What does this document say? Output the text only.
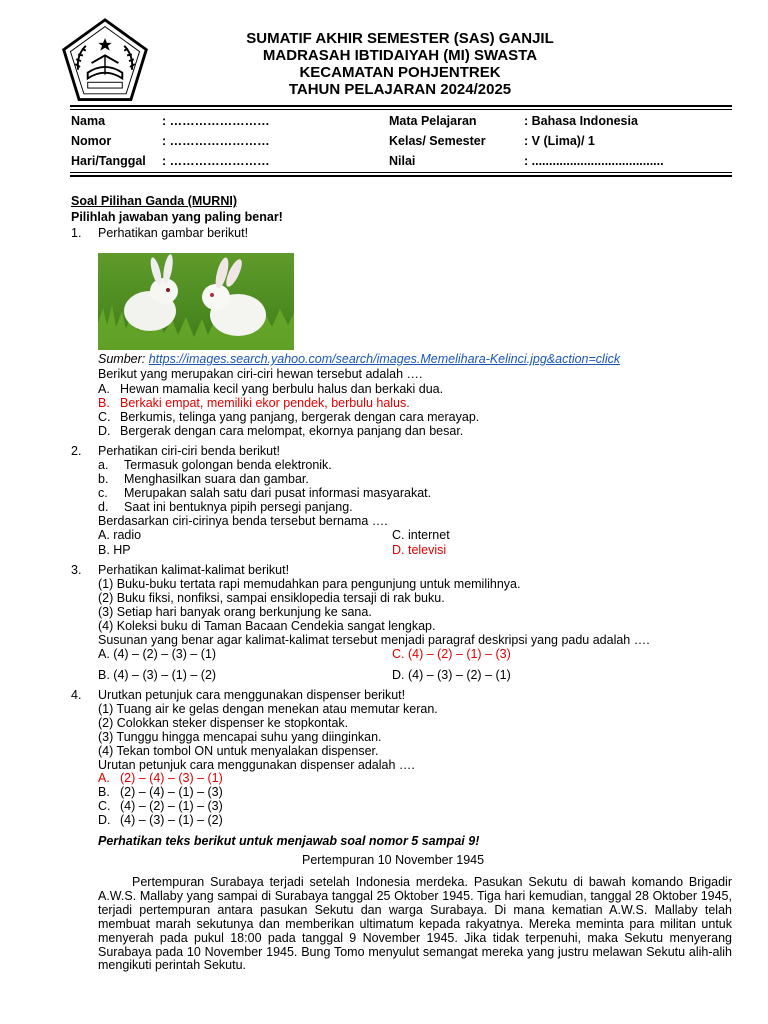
SUMATIF AKHIR SEMESTER (SAS) GANJIL
MADRASAH IBTIDAIYAH (MI) SWASTA
KECAMATAN POHJENTREK
TAHUN PELAJARAN 2024/2025
Nama	: ……………………
Nomor	: ……………………
Hari/Tanggal : ……………………
Mata Pelajaran	: Bahasa Indonesia
Kelas/ Semester	: V (Lima)/ 1
Nilai	: ......................................
Soal Pilihan Ganda (MURNI)
Pilihlah jawaban yang paling benar!
1. Perhatikan gambar berikut!
Sumber: https://images.search.yahoo.com/search/images.Memelihara-Kelinci.jpg&action=click
Berikut yang merupakan ciri-ciri hewan tersebut adalah ….
A. Hewan mamalia kecil yang berbulu halus dan berkaki dua.
B. Berkaki empat, memiliki ekor pendek, berbulu halus.
C. Berkumis, telinga yang panjang, bergerak dengan cara merayap.
D. Bergerak dengan cara melompat, ekornya panjang dan besar.
2. Perhatikan ciri-ciri benda berikut!
a. Termasuk golongan benda elektronik.
b. Menghasilkan suara dan gambar.
c. Merupakan salah satu dari pusat informasi masyarakat.
d. Saat ini bentuknya pipih persegi panjang.
Berdasarkan ciri-cirinya benda tersebut bernama ….
A. radio	C. internet
B. HP	D. televisi
3. Perhatikan kalimat-kalimat berikut!
(1) Buku-buku tertata rapi memudahkan para pengunjung untuk memilihnya.
(2) Buku fiksi, nonfiksi, sampai ensiklopedia tersaji di rak buku.
(3) Setiap hari banyak orang berkunjung ke sana.
(4) Koleksi buku di Taman Bacaan Cendekia sangat lengkap.
Susunan yang benar agar kalimat-kalimat tersebut menjadi paragraf deskripsi yang padu adalah ….
A. (4) – (2) – (3) – (1)	C. (4) – (2) – (1) – (3)
B. (4) – (3) – (1) – (2)	D. (4) – (3) – (2) – (1)
4. Urutkan petunjuk cara menggunakan dispenser berikut!
(1) Tuang air ke gelas dengan menekan atau memutar keran.
(2) Colokkan steker dispenser ke stopkontak.
(3) Tunggu hingga mencapai suhu yang diinginkan.
(4) Tekan tombol ON untuk menyalakan dispenser.
Urutan petunjuk cara menggunakan dispenser adalah ….
A. (2) – (4) – (3) – (1)
B. (2) – (4) – (1) – (3)
C. (4) – (2) – (1) – (3)
D. (4) – (3) – (1) – (2)
Perhatikan teks berikut untuk menjawab soal nomor 5 sampai 9!
Pertempuran 10 November 1945
Pertempuran Surabaya terjadi setelah Indonesia merdeka. Pasukan Sekutu di bawah komando Brigadir A.W.S. Mallaby yang sampai di Surabaya tanggal 25 Oktober 1945. Tiga hari kemudian, tanggal 28 Oktober 1945, terjadi pertempuran antara pasukan Sekutu dan warga Surabaya. Di mana kematian A.W.S. Mallaby telah membuat marah sekutunya dan memberikan ultimatum kepada rakyatnya. Mereka meminta para militan untuk menyerah pada pukul 18:00 pada tanggal 9 November 1945. Jika tidak terpenuhi, maka Sekutu menyerang Surabaya pada 10 November 1945. Bung Tomo menyulut semangat mereka yang justru melawan Sekutu alih-alih mengikuti perintah Sekutu.
